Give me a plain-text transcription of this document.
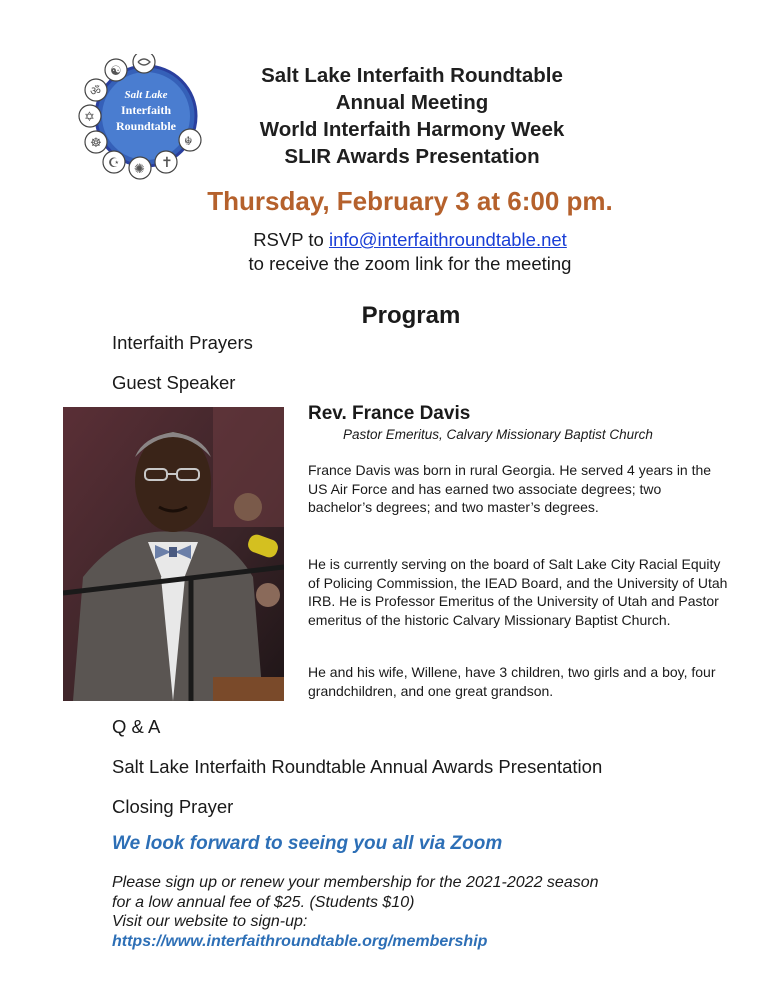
☯
ॐ
✡
☸
☪ ✺ ✝
☬
Salt Lake
Interfaith
Roundtable
Salt Lake Interfaith Roundtable
Annual Meeting
World Interfaith Harmony Week
SLIR Awards Presentation
Thursday, February 3 at 6:00 pm.
RSVP to info@interfaithroundtable.net
to receive the zoom link for the meeting
Program
Interfaith Prayers
Guest Speaker
Rev. France Davis
Pastor Emeritus, Calvary Missionary Baptist Church
France Davis was born in rural Georgia. He served 4 years in the US Air Force and has earned two associate degrees; two bachelor’s degrees; and two master’s degrees.
He is currently serving on the board of Salt Lake City Racial Equity of Policing Commission, the IEAD Board, and the University of Utah IRB. He is Professor Emeritus of the University of Utah and Pastor emeritus of the historic Calvary Missionary Baptist Church.
He and his wife, Willene, have 3 children, two girls and a boy, four grandchildren, and one great grandson.
Q & A
Salt Lake Interfaith Roundtable Annual Awards Presentation
Closing Prayer
We look forward to seeing you all via Zoom
Please sign up or renew your membership for the 2021-2022 season
for a low annual fee of $25. (Students $10)
Visit our website to sign-up:
https://www.interfaithroundtable.org/membership
